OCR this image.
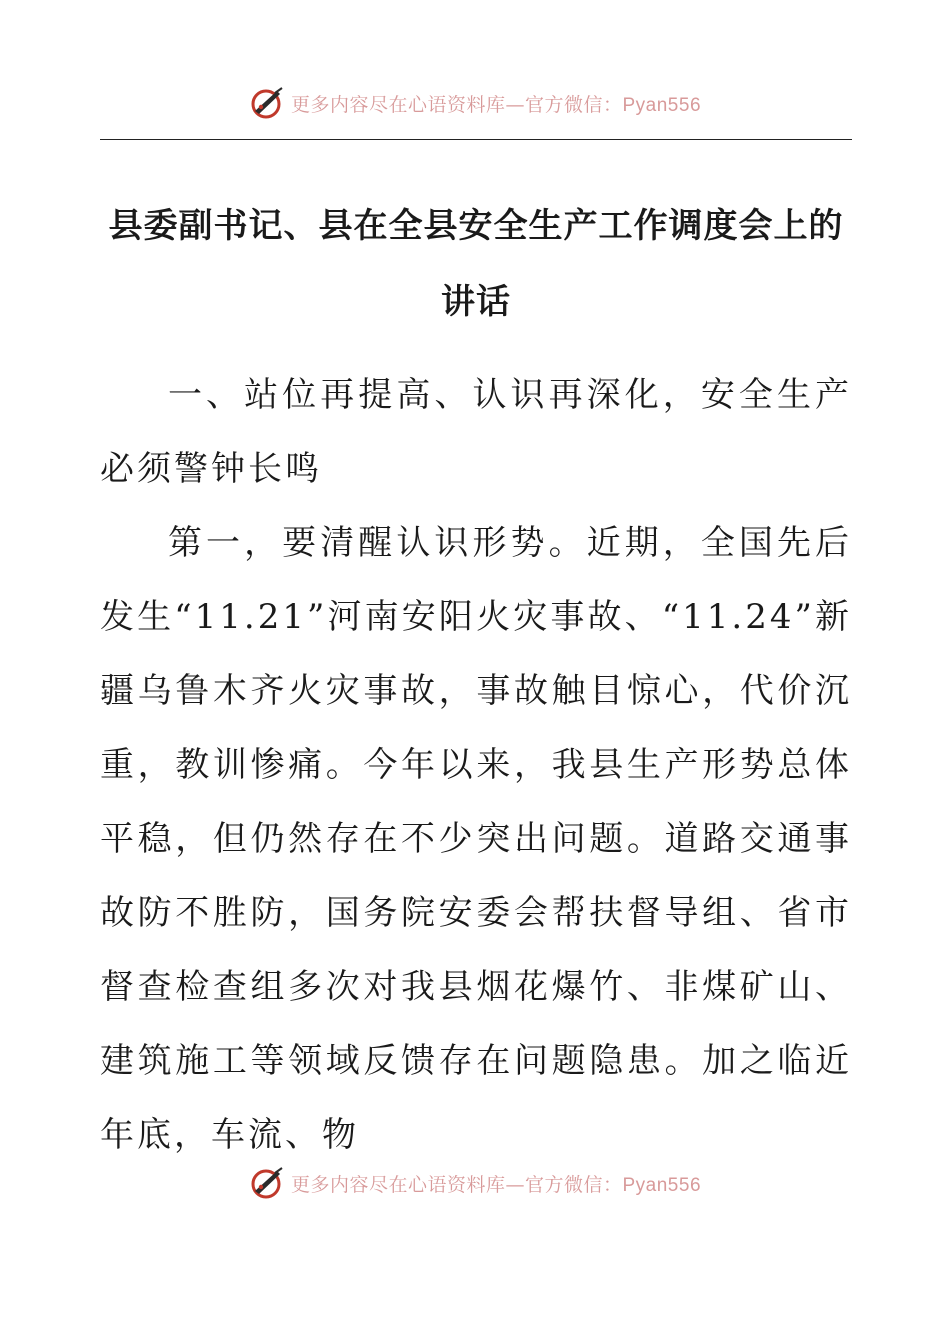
更多内容尽在心语资料库—官方微信：Pyan556
县委副书记、县在全县安全生产工作调度会上的
讲话

一、站位再提高、认识再深化，安全生产必须警钟长鸣

第一，要清醒认识形势。近期，全国先后发生“11.21”河南安阳火灾事故、“11.24”新疆乌鲁木齐火灾事故，事故触目惊心，代价沉重，教训惨痛。今年以来，我县生产形势总体平稳，但仍然存在不少突出问题。道路交通事故防不胜防，国务院安委会帮扶督导组、省市督查检查组多次对我县烟花爆竹、非煤矿山、建筑施工等领域反馈存在问题隐患。加之临近年底，车流、物

更多内容尽在心语资料库—官方微信：Pyan556
